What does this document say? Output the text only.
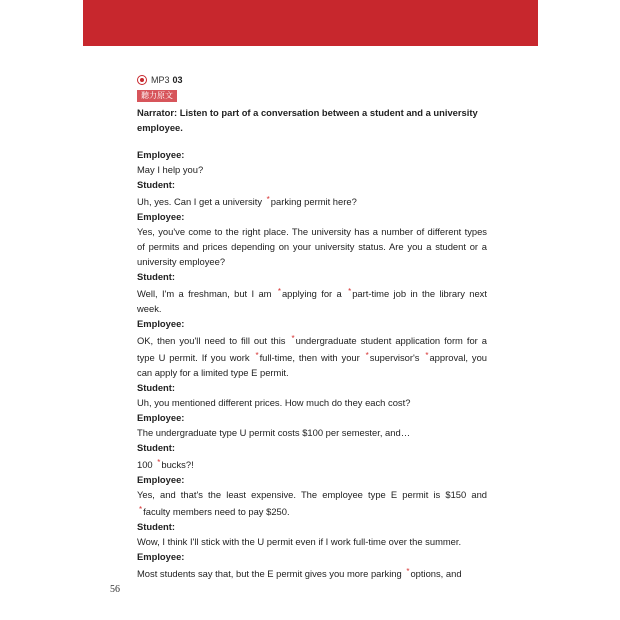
MP3 03
聽力原文

Narrator: Listen to part of a conversation between a student and a university employee.

Employee:

May I help you?

Student:

Uh, yes. Can I get a university *parking permit here?

Employee:

Yes, you've come to the right place. The university has a number of different types of permits and prices depending on your university status. Are you a student or a university employee?

Student:

Well, I'm a freshman, but I am *applying for a *part-time job in the library next week.

Employee:

OK, then you'll need to fill out this *undergraduate student application form for a type U permit. If you work *full-time, then with your *supervisor's *approval, you can apply for a limited type E permit.

Student:

Uh, you mentioned different prices. How much do they each cost?

Employee:

The undergraduate type U permit costs $100 per semester, and…

Student:

100 *bucks?!

Employee:

Yes, and that's the least expensive. The employee type E permit is $150 and *faculty members need to pay $250.

Student:

Wow, I think I'll stick with the U permit even if I work full-time over the summer.

Employee:

Most students say that, but the E permit gives you more parking *options, and

56
